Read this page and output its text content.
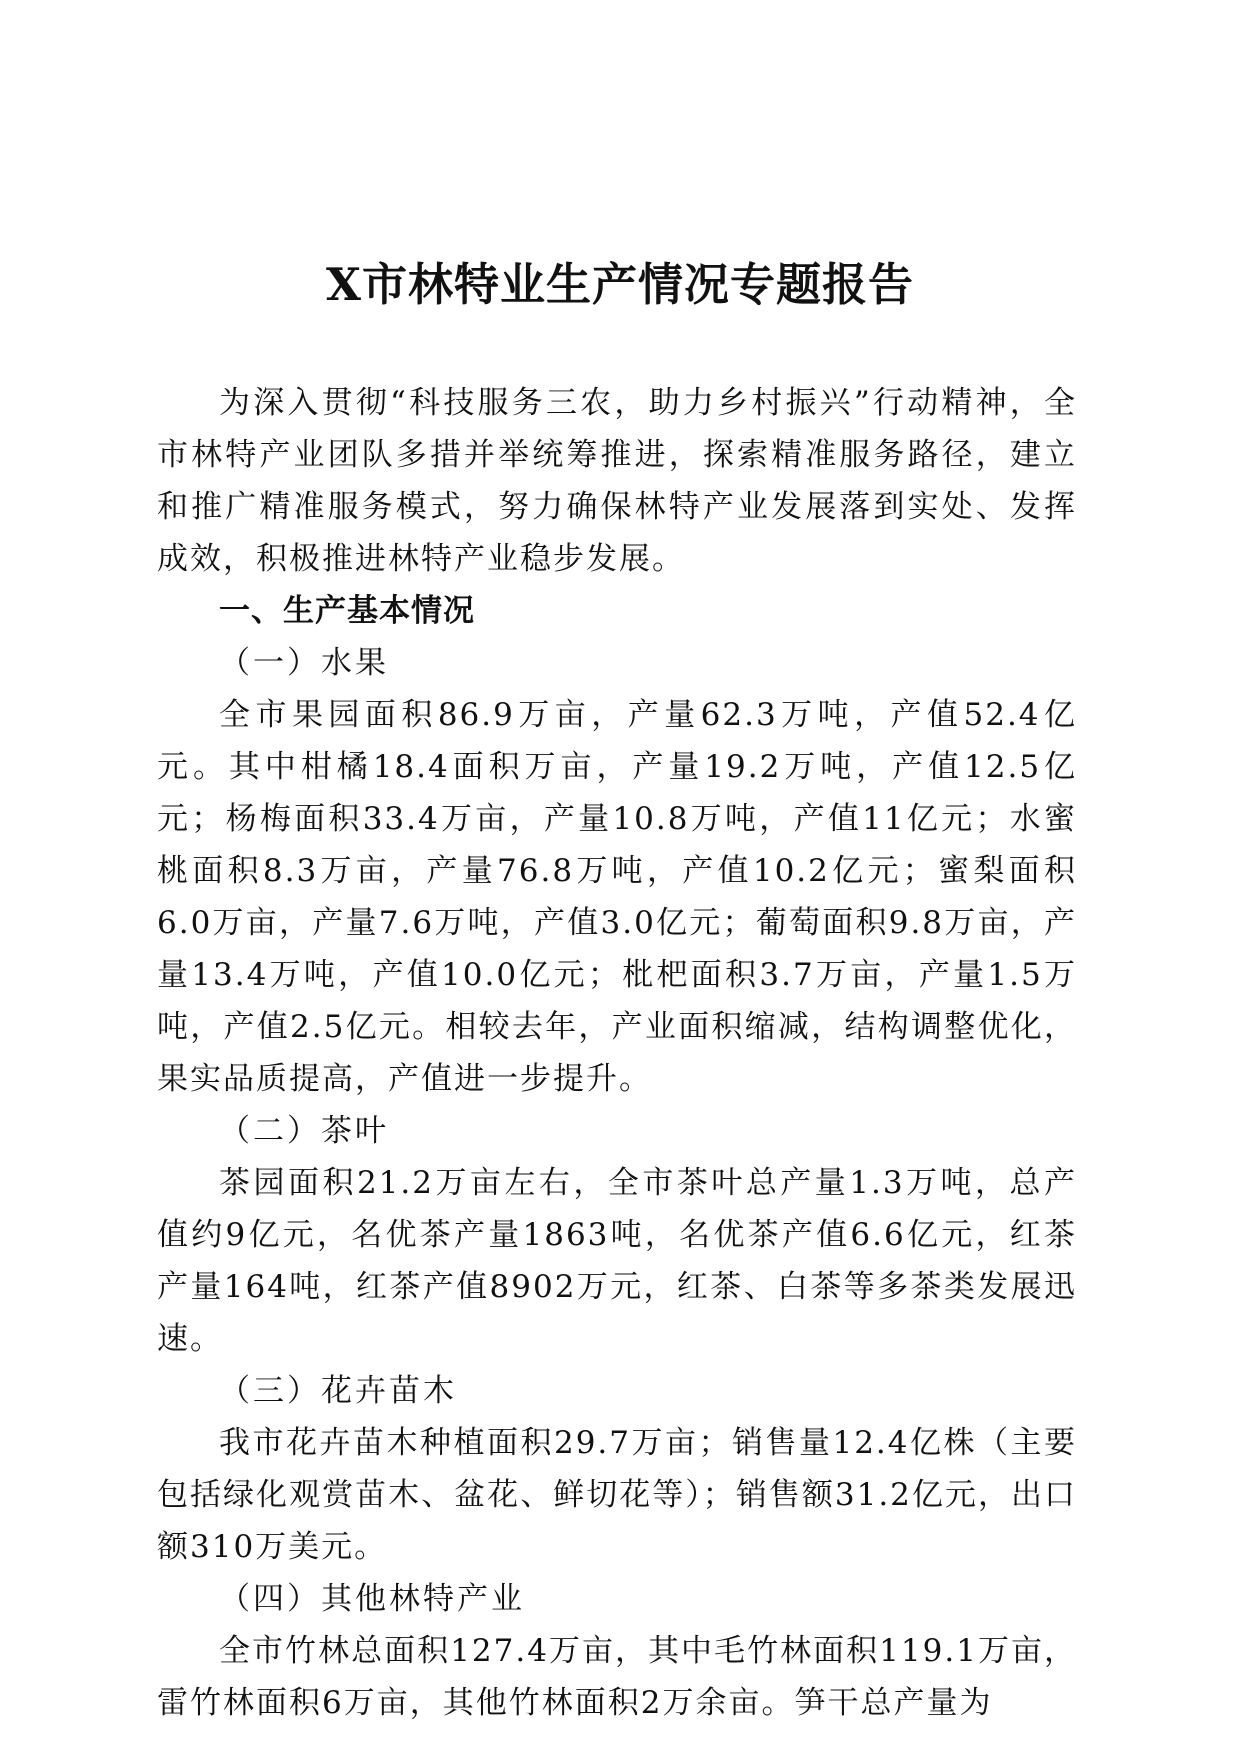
X市林特业生产情况专题报告

为深入贯彻“科技服务三农，助力乡村振兴”行动精神，全市林特产业团队多措并举统筹推进，探索精准服务路径，建立和推广精准服务模式，努力确保林特产业发展落到实处、发挥成效，积极推进林特产业稳步发展。

一、生产基本情况

（一）水果

全市果园面积86.9万亩，产量62.3万吨，产值52.4亿元。其中柑橘18.4面积万亩，产量19.2万吨，产值12.5亿元；杨梅面积33.4万亩，产量10.8万吨，产值11亿元；水蜜桃面积8.3万亩，产量76.8万吨，产值10.2亿元；蜜梨面积6.0万亩，产量7.6万吨，产值3.0亿元；葡萄面积9.8万亩，产量13.4万吨，产值10.0亿元；枇杷面积3.7万亩，产量1.5万吨，产值2.5亿元。相较去年，产业面积缩减，结构调整优化，果实品质提高，产值进一步提升。

（二）茶叶

茶园面积21.2万亩左右，全市茶叶总产量1.3万吨，总产值约9亿元，名优茶产量1863吨，名优茶产值6.6亿元，红茶产量164吨，红茶产值8902万元，红茶、白茶等多茶类发展迅速。

（三）花卉苗木

我市花卉苗木种植面积29.7万亩；销售量12.4亿株（主要包括绿化观赏苗木、盆花、鲜切花等）；销售额31.2亿元，出口额310万美元。

（四）其他林特产业

全市竹林总面积127.4万亩，其中毛竹林面积119.1万亩，雷竹林面积6万亩，其他竹林面积2万余亩。笋干总产量为
